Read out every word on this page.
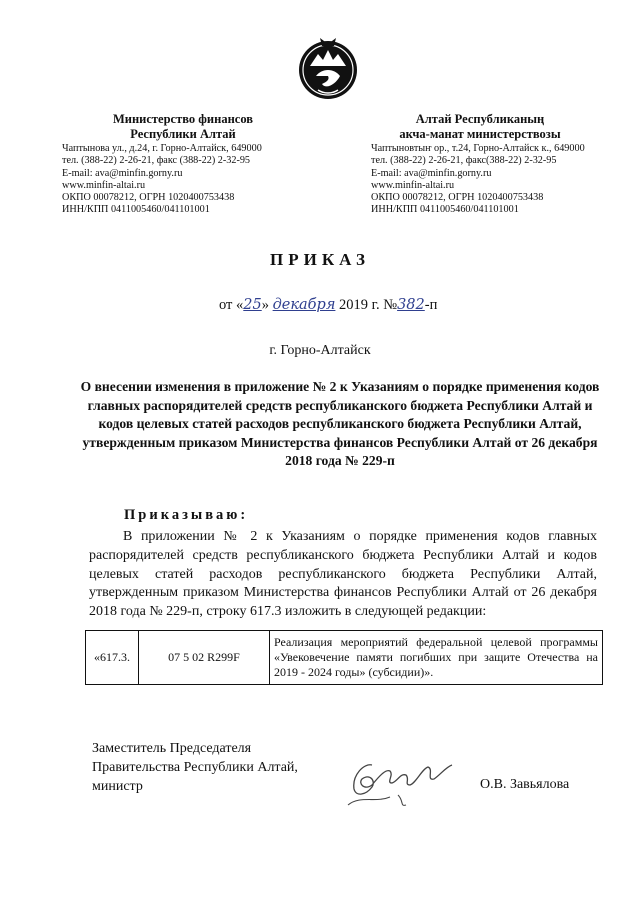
Министерство финансов
Республики Алтай
Чаптынова ул., д.24, г. Горно-Алтайск, 649000
тел. (388-22) 2-26-21, факс (388-22) 2-32-95
E-mail: ava@minfin.gorny.ru
www.minfin-altai.ru
ОКПО 00078212, ОГРН 1020400753438
ИНН/КПП 0411005460/041101001
Алтай Республиканың
акча-манат министерствозы
Чаптыновтыҥ ор., т.24, Горно-Алтайск к., 649000
тел. (388-22) 2-26-21, факс(388-22) 2-32-95
E-mail: ava@minfin.gorny.ru
www.minfin-altai.ru
ОКПО 00078212, ОГРН 1020400753438
ИНН/КПП 0411005460/041101001
ПРИКАЗ
от «25» декабря 2019 г. №382-п
г. Горно-Алтайск
О внесении изменения в приложение № 2 к Указаниям о порядке применения кодов главных распорядителей средств республиканского бюджета Республики Алтай и кодов целевых статей расходов республиканского бюджета Республики Алтай, утвержденным приказом Министерства финансов Республики Алтай от 26 декабря 2018 года № 229-п
Приказываю:
В приложении № 2 к Указаниям о порядке применения кодов главных распорядителей средств республиканского бюджета Республики Алтай и кодов целевых статей расходов республиканского бюджета Республики Алтай, утвержденным приказом Министерства финансов Республики Алтай от 26 декабря 2018 года № 229-п, строку 617.3 изложить в следующей редакции:
«617.3.	07 5 02 R299F	Реализация мероприятий федеральной целевой программы «Увековечение памяти погибших при защите Отечества на 2019 - 2024 годы» (субсидии)».
Заместитель Председателя
Правительства Республики Алтай,
министр	О.В. Завьялова
